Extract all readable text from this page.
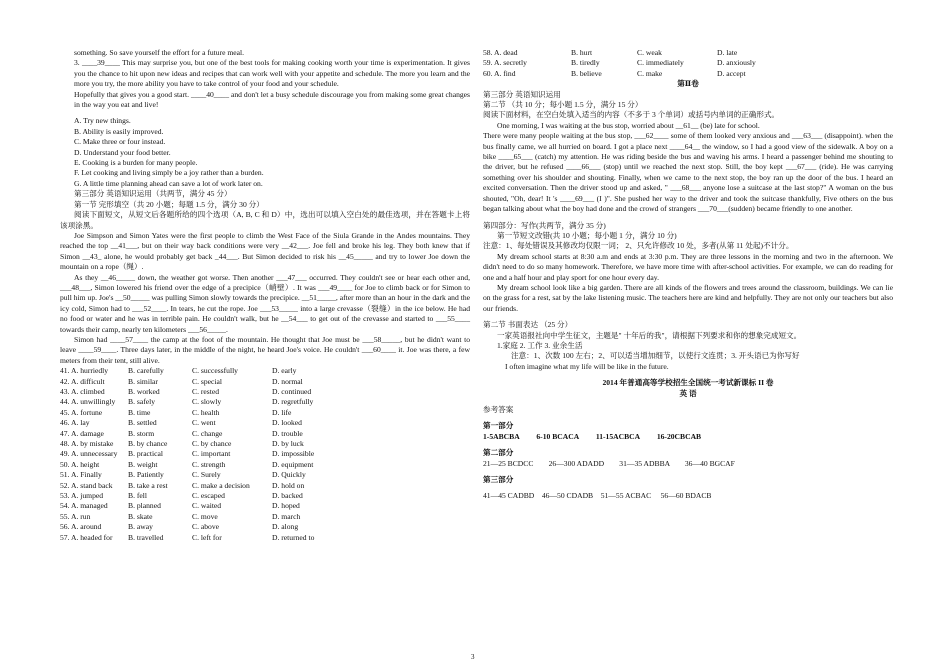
something. So save yourself the effort for a future meal.

3. ____39____ This may surprise you, but one of the best tools for making cooking worth your time is experimentation. It gives you the chance to hit upon new ideas and recipes that can work well with your appetite and schedule. The more you learn and the more you try, the more ability you have to take control of your food and your schedule.

Hopefully that gives you a good start. ____40____ and don't let a busy schedule discourage you from making some great changes in the way you eat and live!

A. Try new things.

B. Ability is easily improved.

C. Make three or four instead.

D. Understand your food better.

E. Cooking is a burden for many people.

F. Let cooking and living simply be a joy rather than a burden.

G. A little time planning ahead can save a lot of work later on.

第三部分 英语知识运用（共两节，满分 45 分）

第一节 完形填空（共 20 小题；每题 1.5 分，满分 30 分）

阅读下面短文，从短文后各题所给的四个选项（A, B, C 和 D）中，选出可以填入空白处的最佳选项，并在答题卡上将该项涂黑。

Joe Simpson and Simon Yates were the first people to climb the West Face of the Siula Grande in the Andes mountains. They reached the top __41___, but on their way back conditions were very __42___. Joe fell and broke his leg. They both knew that if Simon __43_ alone, he would probably get back _44___. But Simon decided to risk his __45_____ and try to lower Joe down the mountain on a rope（绳）.

As they __46_____ down, the weather got worse. Then another ___47___ occurred. They couldn't see or hear each other and, ___48___, Simon lowered his friend over the edge of a precipice（峭壁）. It was ___49____ for Joe to climb back or for Simon to pull him up. Joe's __50_____ was pulling Simon slowly towards the precipice. __51_____, after more than an hour in the dark and the icy cold, Simon had to ___52____. In tears, he cut the rope. Joe ___53_____ into a large crevasse（裂缝）in the ice below. He had no food or water and he was in terrible pain. He couldn't walk, but he __54___ to get out of the crevasse and started to ___55____ towards their camp, nearly ten kilometers ___56_____.

Simon had ____57____ the camp at the foot of the mountain. He thought that Joe must be ___58_____, but he didn't want to leave ____59____. Three days later, in the middle of the night, he heard Joe's voice. He couldn't ___60____ it. Joe was there, a few meters from their tent, still alive.

41. A. hurriedly	B. carefully	C. successfully	D. early
42. A. difficult	B. similar	C. special	D. normal
43. A. climbed	B. worked	C. rested	D. continued
44. A. unwillingly	B. safely	C. slowly	D. regretfully
45. A. fortune	B. time	C. health	D. life
46. A. lay	B. settled	C. went	D. looked
47. A. damage	B. storm	C. change	D. trouble
48. A. by mistake	B. by chance	C. by chance	D. by luck
49. A. unnecessary	B. practical	C. important	D. impossible
50. A. height	B. weight	C. strength	D. equipment
51. A. Finally	B. Patiently	C. Surely	D. Quickly
52. A. stand back	B. take a rest	C. make a decision	D. hold on
53. A. jumped	B. fell	C. escaped	D. backed
54. A. managed	B. planned	C. waited	D. hoped
55. A. run	B. skate	C. move	D. march
56. A. around	B. away	C. above	D. along
57. A. headed for	B. travelled	C. left for	D. returned to
58. A. dead	B. hurt	C. weak	D. late
59. A. secretly	B. tiredly	C. immediately	D. anxiously
60. A. find	B. believe	C. make	D. accept

第Ⅱ卷

第三部分 英语知识运用

第二节 （共 10 分；每小题 1.5 分，满分 15 分）

阅读下面材料，在空白处填入适当的内容（不多于 3 个单词）或括号内单词的正确形式。

One morning, I was waiting at the bus stop, worried about __61__ (be) late for school.

There were many people waiting at the bus stop, ___62____ some of them looked very anxious and ___63___ (disappoint). when the bus finally came, we all hurried on board. I got a place next ____64__ the window, so I had a good view of the sidewalk. A boy on a bike ____65___ (catch) my attention. He was riding beside the bus and waving his arms. I heard a passenger behind me shouting to the driver, but he refused ____66___ (stop) until we reached the next stop. Still, the boy kept ___67___ (ride). He was carrying something over his shoulder and shouting. Finally, when we came to the next stop, the boy ran up the door of the bus. I heard an excited conversation. Then the driver stood up and asked, " ___68___ anyone lose a suitcase at the last stop?" A woman on the bus shouted, "Oh, dear! It 's ____69___ (I )". She pushed her way to the driver and took the suitcase thankfully, Five others on the bus began talking about what the boy had done and the crowd of strangers ___70___(sudden) became friendly to one another.

第四部分：写作(共两节，满分 35 分)

第一节短文改错(共 10 小题；每小题 1 分，满分 10 分)

注意：1、每处错误及其修改均仅限一词； 2、只允许修改 10 处，多者(从第 11 处起)不计分。

My dream school starts at 8:30 a.m and ends at 3:30 p.m. They are three lessons in the morning and two in the afternoon. We didn't need to do so many homework. Therefore, we have more time with after-school activities. For example, we can do reading for one and a half hour and play sport for one hour every day.

My dream school look like a big garden. There are all kinds of the flowers and trees around the classroom, buildings. We can lie on the grass for a rest, sat by the lake listening music. The teachers here are kind and helpfully. They are not only our teachers but also our friends.

第二节 书面表达 （25 分）

一家英语报社向中学生征文，主题是" 十年后的我"，请根据下列要求和你的想象完成短文。

1.家庭 2. 工作 3. 业余生活

注意：1、次数 100 左右；2、可以适当增加细节，以使行文连贯；3. 开头语已为你写好

I often imagine what my life will be like in the future.

2014 年普通高等学校招生全国统一考试新课标 II 卷

英 语

参考答案

第一部分

1-5ABCBA         6-10 BCACA         11-15ACBCA         16-20CBCAB

第二部分

21—25 BCDCC        26—300 ADADD        31—35 ADBBA        36—40 BGCAF

第三部分

41—45 CADBD    46—50 CDADB    51—55 ACBAC     56—60 BDACB

3
